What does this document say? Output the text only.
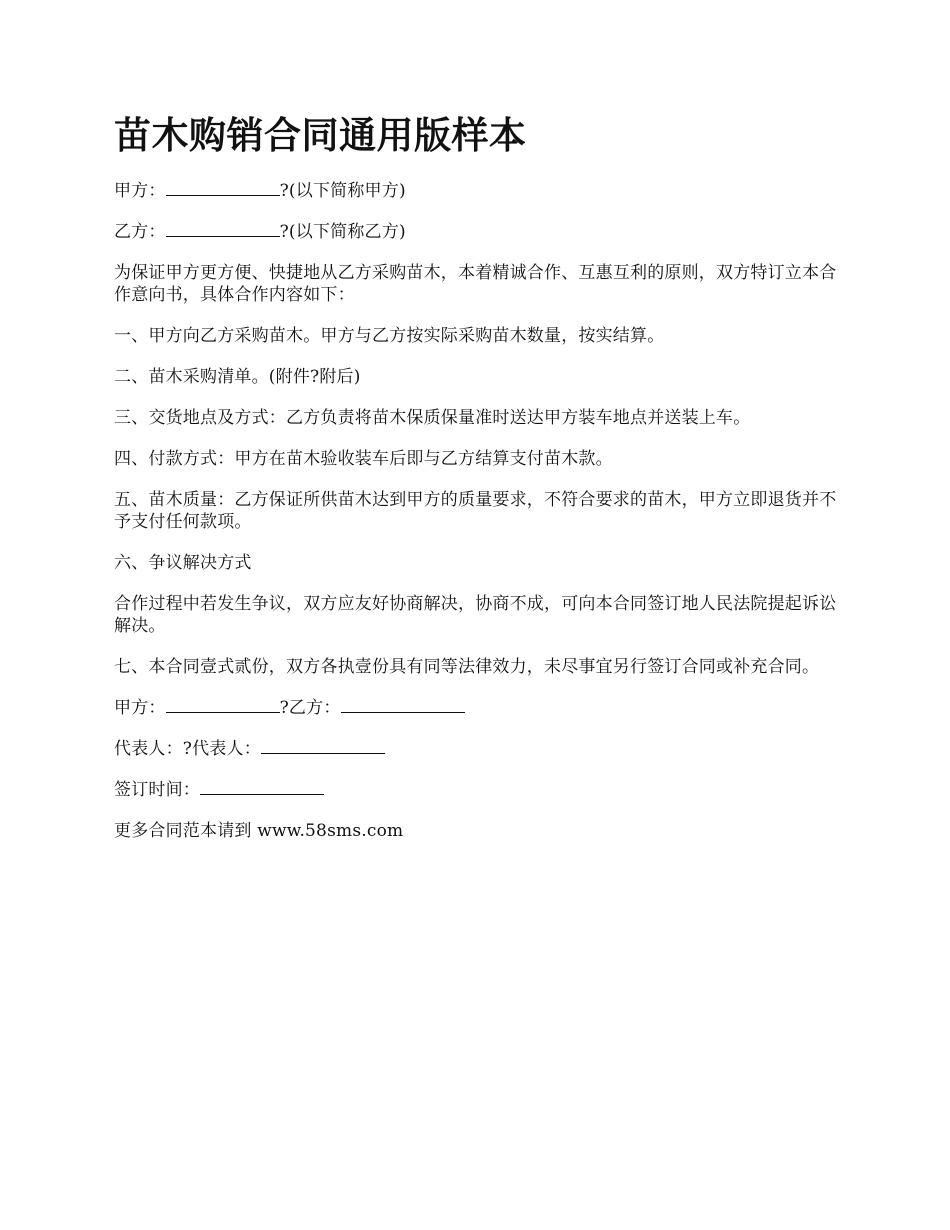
苗木购销合同通用版样本

甲方：	?(以下简称甲方)

乙方：	?(以下简称乙方)

为保证甲方更方便、快捷地从乙方采购苗木，本着精诚合作、互惠互利的原则，双方特订立本合作意向书，具体合作内容如下：

一、甲方向乙方采购苗木。甲方与乙方按实际采购苗木数量，按实结算。

二、苗木采购清单。(附件?附后)

三、交货地点及方式：乙方负责将苗木保质保量准时送达甲方装车地点并送装上车。

四、付款方式：甲方在苗木验收装车后即与乙方结算支付苗木款。

五、苗木质量：乙方保证所供苗木达到甲方的质量要求，不符合要求的苗木，甲方立即退货并不予支付任何款项。

六、争议解决方式

合作过程中若发生争议，双方应友好协商解决，协商不成，可向本合同签订地人民法院提起诉讼解决。

七、本合同壹式贰份，双方各执壹份具有同等法律效力，未尽事宜另行签订合同或补充合同。

甲方：	?乙方：

代表人：?代表人：

签订时间：

更多合同范本请到 www.58sms.com
